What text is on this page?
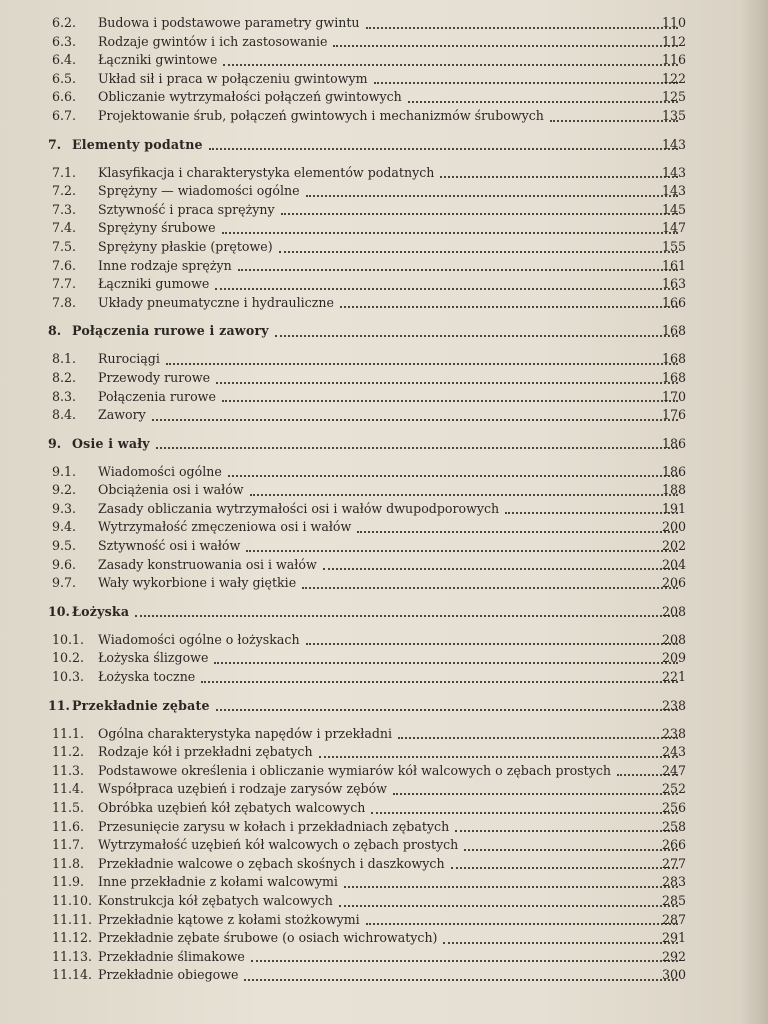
6.2.	Budowa i podstawowe parametry gwintu	110
6.3.	Rodzaje gwintów i ich zastosowanie	112
6.4.	Łączniki gwintowe	116
6.5.	Układ sił i praca w połączeniu gwintowym	122
6.6.	Obliczanie wytrzymałości połączeń gwintowych	125
6.7.	Projektowanie śrub, połączeń gwintowych i mechanizmów śrubowych	135
7. Elementy podatne	143
7.1.	Klasyfikacja i charakterystyka elementów podatnych	143
7.2.	Sprężyny — wiadomości ogólne	143
7.3.	Sztywność i praca sprężyny	145
7.4.	Sprężyny śrubowe	147
7.5.	Sprężyny płaskie (prętowe)	155
7.6.	Inne rodzaje sprężyn	161
7.7.	Łączniki gumowe	163
7.8.	Układy pneumatyczne i hydrauliczne	166
8. Połączenia rurowe i zawory	168
8.1.	Rurociągi	168
8.2.	Przewody rurowe	168
8.3.	Połączenia rurowe	170
8.4.	Zawory	176
9. Osie i wały	186
9.1.	Wiadomości ogólne	186
9.2.	Obciążenia osi i wałów	188
9.3.	Zasady obliczania wytrzymałości osi i wałów dwupodporowych	191
9.4.	Wytrzymałość zmęczeniowa osi i wałów	200
9.5.	Sztywność osi i wałów	202
9.6.	Zasady konstruowania osi i wałów	204
9.7.	Wały wykorbione i wały giętkie	206
10. Łożyska	208
10.1.	Wiadomości ogólne o łożyskach	208
10.2.	Łożyska ślizgowe	209
10.3.	Łożyska toczne	221
11. Przekładnie zębate	238
11.1.	Ogólna charakterystyka napędów i przekładni	238
11.2.	Rodzaje kół i przekładni zębatych	243
11.3.	Podstawowe określenia i obliczanie wymiarów kół walcowych o zębach prostych	247
11.4.	Współpraca uzębień i rodzaje zarysów zębów	252
11.5.	Obróbka uzębień kół zębatych walcowych	256
11.6.	Przesunięcie zarysu w kołach i przekładniach zębatych	258
11.7.	Wytrzymałość uzębień kół walcowych o zębach prostych	266
11.8.	Przekładnie walcowe o zębach skośnych i daszkowych	277
11.9.	Inne przekładnie z kołami walcowymi	283
11.10. Konstrukcja kół zębatych walcowych	285
11.11. Przekładnie kątowe z kołami stożkowymi	287
11.12. Przekładnie zębate śrubowe (o osiach wichrowatych)	291
11.13. Przekładnie ślimakowe	292
11.14. Przekładnie obiegowe	300
